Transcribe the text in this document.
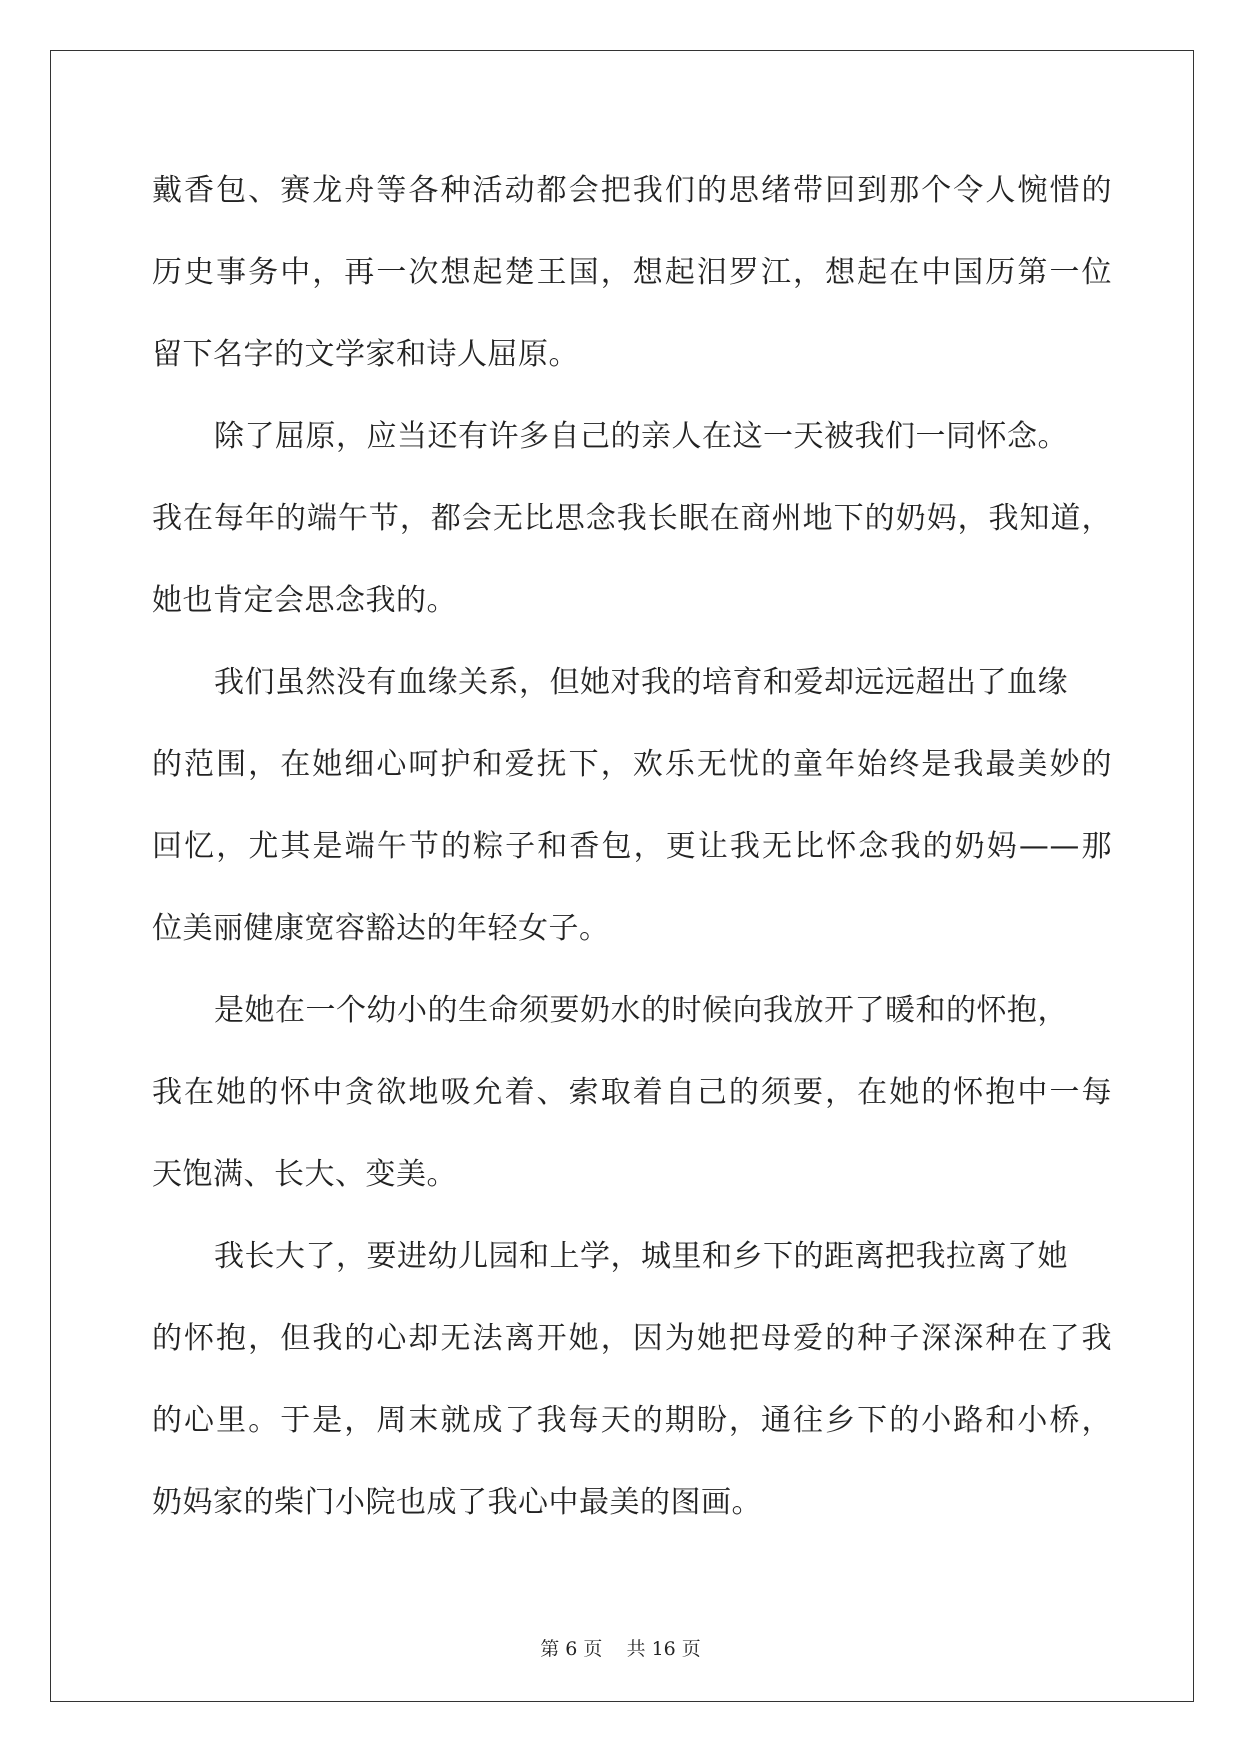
戴香包、赛龙舟等各种活动都会把我们的思绪带回到那个令人惋惜的
历史事务中，再一次想起楚王国，想起汨罗江，想起在中国历第一位
留下名字的文学家和诗人屈原。
除了屈原，应当还有许多自己的亲人在这一天被我们一同怀念。
我在每年的端午节，都会无比思念我长眠在商州地下的奶妈，我知道，
她也肯定会思念我的。
我们虽然没有血缘关系，但她对我的培育和爱却远远超出了血缘
的范围，在她细心呵护和爱抚下，欢乐无忧的童年始终是我最美妙的
回忆，尤其是端午节的粽子和香包，更让我无比怀念我的奶妈——那
位美丽健康宽容豁达的年轻女子。
是她在一个幼小的生命须要奶水的时候向我放开了暖和的怀抱，
我在她的怀中贪欲地吸允着、索取着自己的须要，在她的怀抱中一每
天饱满、长大、变美。
我长大了，要进幼儿园和上学，城里和乡下的距离把我拉离了她
的怀抱，但我的心却无法离开她，因为她把母爱的种子深深种在了我
的心里。于是，周末就成了我每天的期盼，通往乡下的小路和小桥，
奶妈家的柴门小院也成了我心中最美的图画。
第 6 页    共 16 页
